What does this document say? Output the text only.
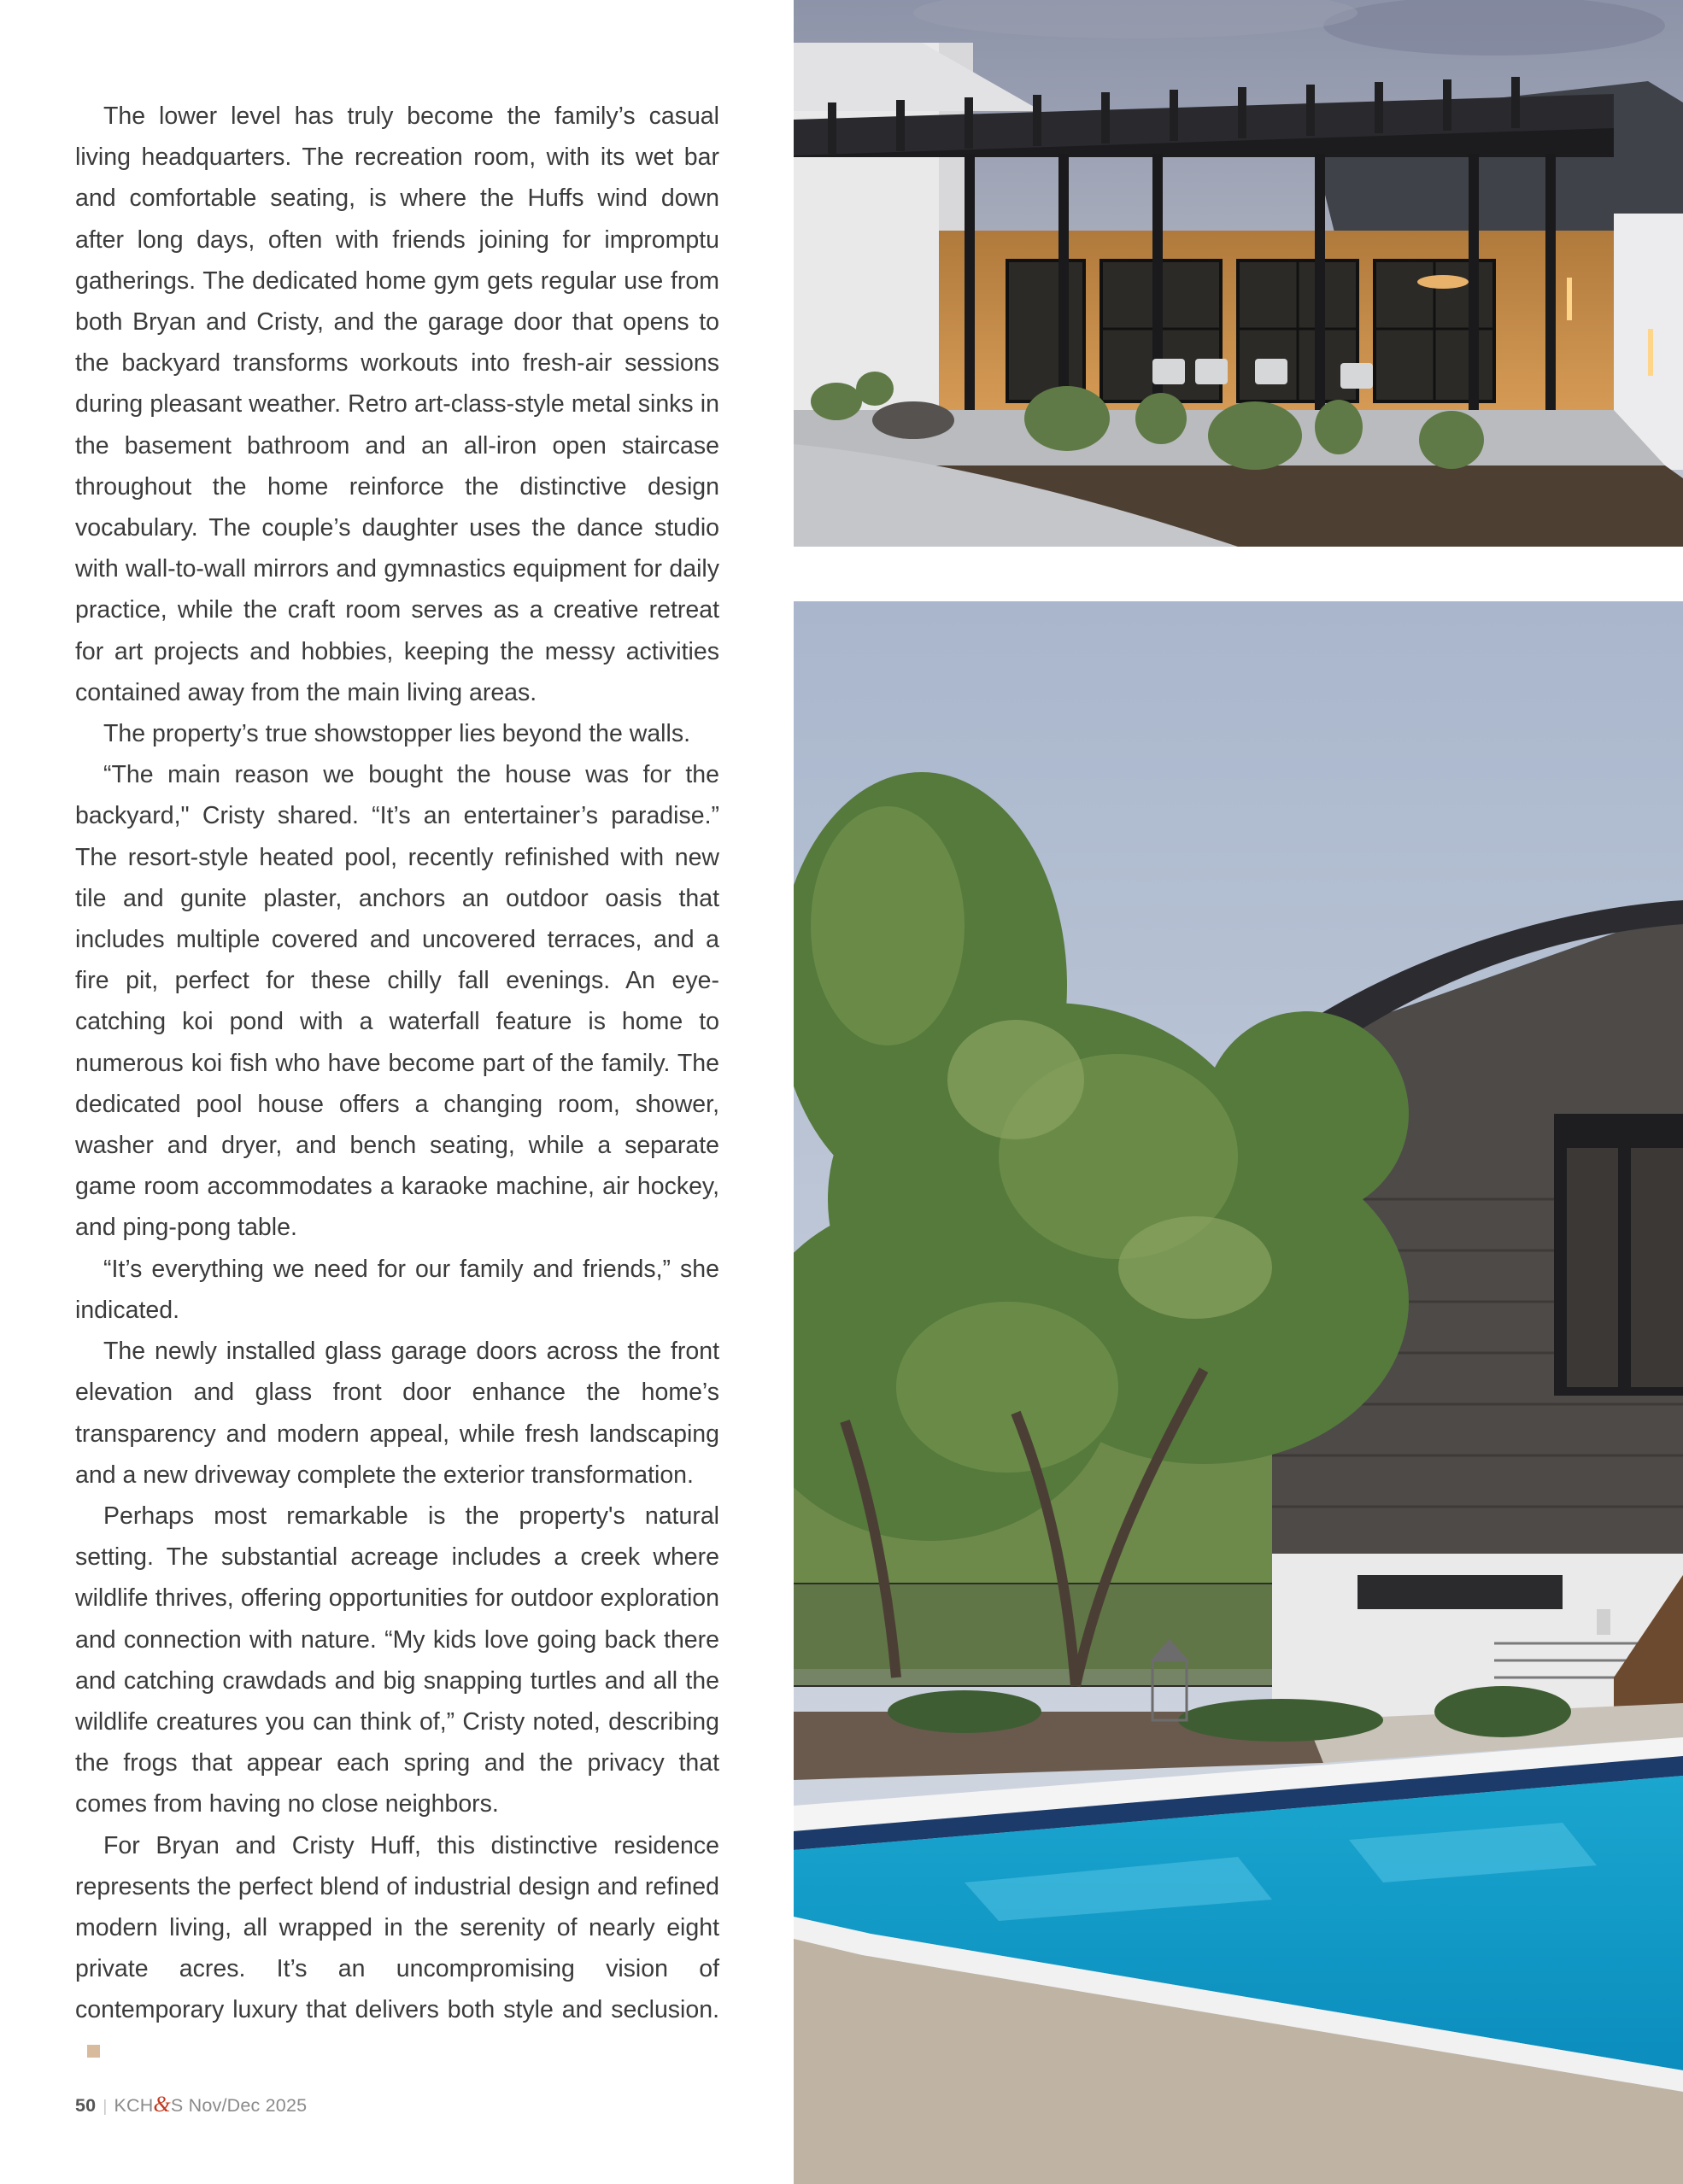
The lower level has truly become the family’s casual living headquarters. The recreation room, with its wet bar and comfortable seating, is where the Huffs wind down after long days, often with friends joining for impromptu gatherings. The dedicated home gym gets regular use from both Bryan and Cristy, and the garage door that opens to the backyard transforms workouts into fresh-air sessions during pleasant weather. Retro art-class-style metal sinks in the basement bathroom and an all-iron open staircase throughout the home reinforce the distinctive design vocabulary. The couple’s daughter uses the dance studio with wall-to-wall mirrors and gymnastics equipment for daily practice, while the craft room serves as a creative retreat for art projects and hobbies, keeping the messy activities contained away from the main living areas.

The property’s true showstopper lies beyond the walls.

“The main reason we bought the house was for the backyard," Cristy shared. “It’s an entertainer’s paradise.” The resort-style heated pool, recently refinished with new tile and gunite plaster, anchors an outdoor oasis that includes multiple covered and uncovered terraces, and a fire pit, perfect for these chilly fall evenings. An eye-catching koi pond with a waterfall feature is home to numerous koi fish who have become part of the family. The dedicated pool house offers a changing room, shower, washer and dryer, and bench seating, while a separate game room accommodates a karaoke machine, air hockey, and ping-pong table.

“It’s everything we need for our family and friends,” she indicated.

The newly installed glass garage doors across the front elevation and glass front door enhance the home’s transparency and modern appeal, while fresh landscaping and a new driveway complete the exterior transformation.

Perhaps most remarkable is the property's natural setting. The substantial acreage includes a creek where wildlife thrives, offering opportunities for outdoor exploration and connection with nature. “My kids love going back there and catching crawdads and big snapping turtles and all the wildlife creatures you can think of,” Cristy noted, describing the frogs that appear each spring and the privacy that comes from having no close neighbors.

For Bryan and Cristy Huff, this distinctive residence represents the perfect blend of industrial design and refined modern living, all wrapped in the serenity of nearly eight private acres. It’s an uncompromising vision of contemporary luxury that delivers both style and seclusion.

50 | KCH&S Nov/Dec 2025
